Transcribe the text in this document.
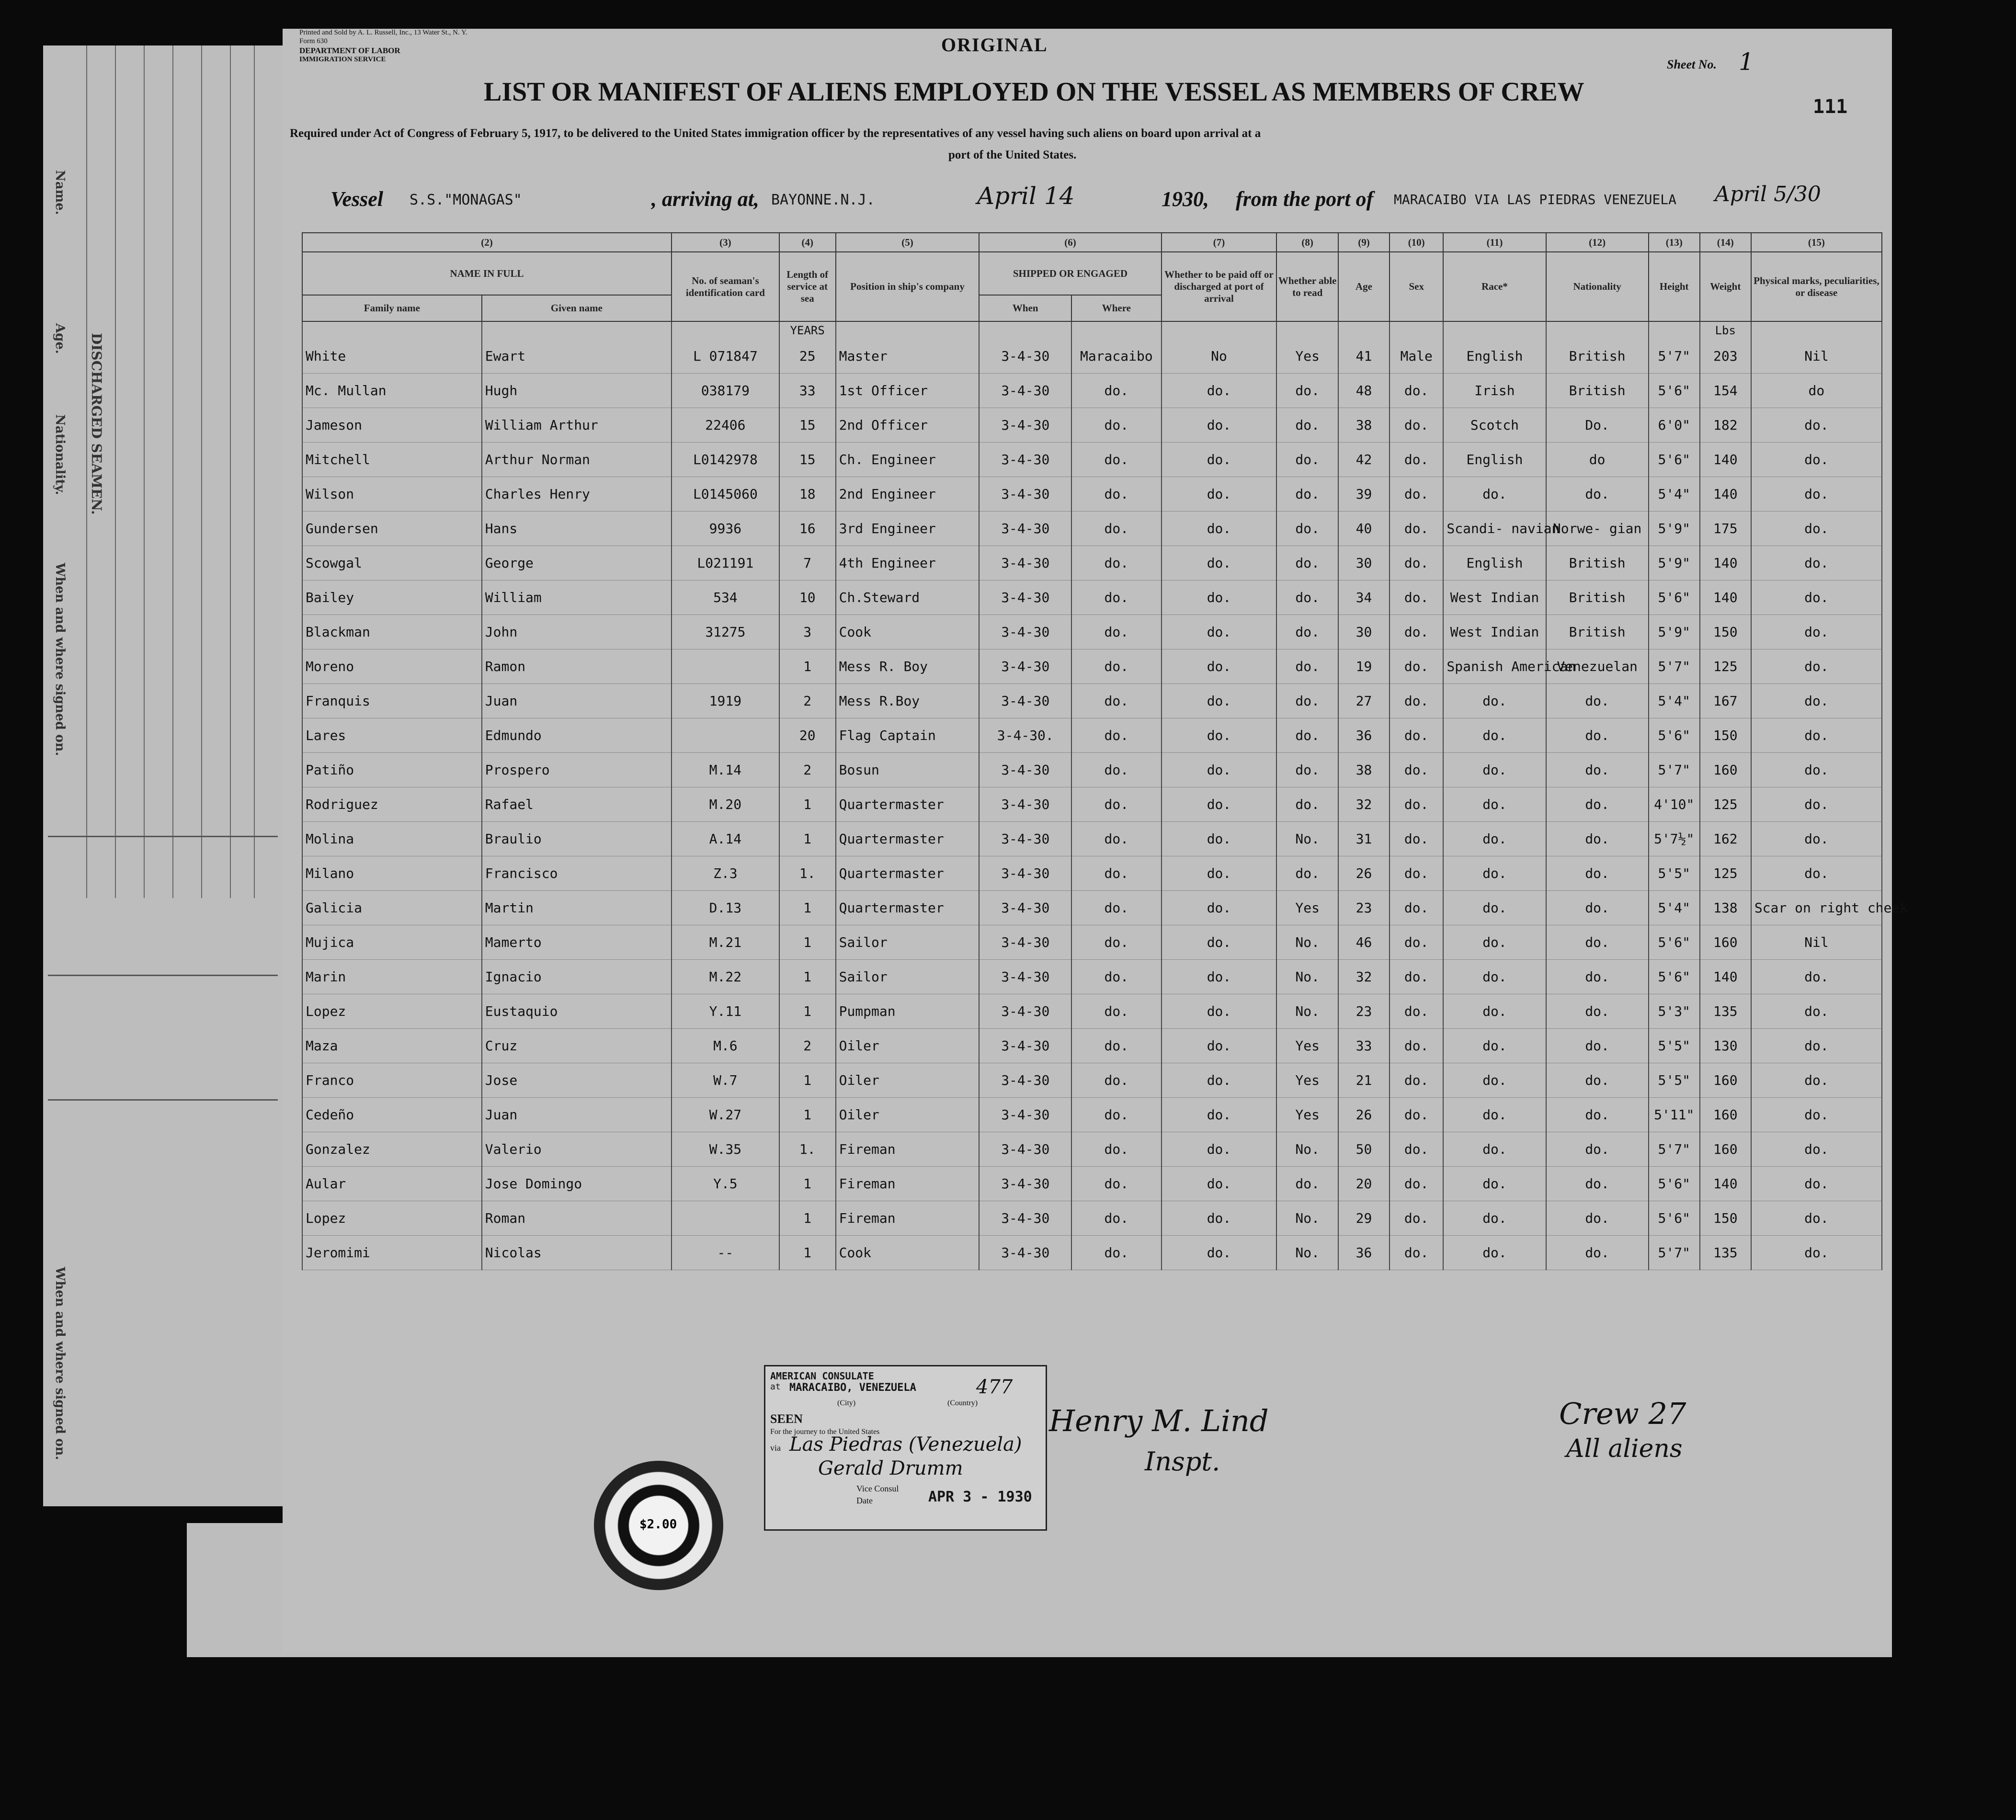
Name.
Age.
Nationality.
When and where signed on.
DISCHARGED SEAMEN.
When and where signed on.
Printed and Sold by A. L. Russell, Inc., 13 Water St., N. Y.
Form 630
DEPARTMENT OF LABOR
IMMIGRATION SERVICE
ORIGINAL
Sheet No. 1
111
LIST OR MANIFEST OF ALIENS EMPLOYED ON THE VESSEL AS MEMBERS OF CREW
Required under Act of Congress of February 5, 1917, to be delivered to the United States immigration officer by the representatives of any vessel having such aliens on board upon arrival at a
port of the United States.
Vessel S.S."MONAGAS"	, arriving at, BAYONNE.N.J.	April 14	1930, from the port of MARACAIBO VIA LAS PIEDRAS VENEZUELA April 5/30
(2)		(3)	(4)	(5)	(6)		(7)	(8)	(9)	(10)	(11)	(12)	(13)	(14)	(15)
NAME IN FULL		No. of seaman's identification card	Length of service at sea	Position in ship's company	SHIPPED OR ENGAGED		Whether to be paid off or discharged at port of arrival	Whether able to read	Age	Sex	Race*	Nationality	Height	Weight	Physical marks, peculiarities, or disease
Family name	Given name				When	Where									
			YEARS											Lbs	
White	Ewart	L 071847	25	Master	3-4-30	Maracaibo	No	Yes	41	Male	English	British	5'7"	203	Nil
Mc. Mullan	Hugh	038179	33	1st Officer	3-4-30	do.	do.	do.	48	do.	Irish	British	5'6"	154	do
Jameson	William Arthur	22406	15	2nd Officer	3-4-30	do.	do.	do.	38	do.	Scotch	Do.	6'0"	182	do.
Mitchell	Arthur Norman	L0142978	15	Ch. Engineer	3-4-30	do.	do.	do.	42	do.	English	do	5'6"	140	do.
Wilson	Charles Henry	L0145060	18	2nd Engineer	3-4-30	do.	do.	do.	39	do.	do.	do.	5'4"	140	do.
Gundersen	Hans	9936	16	3rd Engineer	3-4-30	do.	do.	do.	40	do.	Scandi- navian	Norwe- gian	5'9"	175	do.
Scowgal	George	L021191	7	4th Engineer	3-4-30	do.	do.	do.	30	do.	English	British	5'9"	140	do.
Bailey	William	534	10	Ch.Steward	3-4-30	do.	do.	do.	34	do.	West Indian	British	5'6"	140	do.
Blackman	John	31275	3	Cook	3-4-30	do.	do.	do.	30	do.	West Indian	British	5'9"	150	do.
Moreno	Ramon		1	Mess R. Boy	3-4-30	do.	do.	do.	19	do.	Spanish American	Venezuelan	5'7"	125	do.
Franquis	Juan	1919	2	Mess R.Boy	3-4-30	do.	do.	do.	27	do.	do.	do.	5'4"	167	do.
Lares	Edmundo		20	Flag Captain	3-4-30.	do.	do.	do.	36	do.	do.	do.	5'6"	150	do.
Patiño	Prospero	M.14	2	Bosun	3-4-30	do.	do.	do.	38	do.	do.	do.	5'7"	160	do.
Rodriguez	Rafael	M.20	1	Quartermaster	3-4-30	do.	do.	do.	32	do.	do.	do.	4'10"	125	do.
Molina	Braulio	A.14	1	Quartermaster	3-4-30	do.	do.	No.	31	do.	do.	do.	5'7½"	162	do.
Milano	Francisco	Z.3	1.	Quartermaster	3-4-30	do.	do.	do.	26	do.	do.	do.	5'5"	125	do.
Galicia	Martin	D.13	1	Quartermaster	3-4-30	do.	do.	Yes	23	do.	do.	do.	5'4"	138	Scar on right cheek
Mujica	Mamerto	M.21	1	Sailor	3-4-30	do.	do.	No.	46	do.	do.	do.	5'6"	160	Nil
Marin	Ignacio	M.22	1	Sailor	3-4-30	do.	do.	No.	32	do.	do.	do.	5'6"	140	do.
Lopez	Eustaquio	Y.11	1	Pumpman	3-4-30	do.	do.	No.	23	do.	do.	do.	5'3"	135	do.
Maza	Cruz	M.6	2	Oiler	3-4-30	do.	do.	Yes	33	do.	do.	do.	5'5"	130	do.
Franco	Jose	W.7	1	Oiler	3-4-30	do.	do.	Yes	21	do.	do.	do.	5'5"	160	do.
Cedeño	Juan	W.27	1	Oiler	3-4-30	do.	do.	Yes	26	do.	do.	do.	5'11"	160	do.
Gonzalez	Valerio	W.35	1.	Fireman	3-4-30	do.	do.	No.	50	do.	do.	do.	5'7"	160	do.
Aular	Jose Domingo	Y.5	1	Fireman	3-4-30	do.	do.	do.	20	do.	do.	do.	5'6"	140	do.
Lopez	Roman		1	Fireman	3-4-30	do.	do.	No.	29	do.	do.	do.	5'6"	150	do.
Jeromimi	Nicolas	--	1	Cook	3-4-30	do.	do.	No.	36	do.	do.	do.	5'7"	135	do.
AMERICAN CONSULATE
at MARACAIBO, VENEZUELA	477
(City)	(Country)
SEEN
For the journey to the United States
via Las Piedras (Venezuela)
Gerald Drumm
Vice Consul
Date	APR 3 - 1930
$2.00
Henry M. Lind
Inspt.
Crew 27
All aliens
